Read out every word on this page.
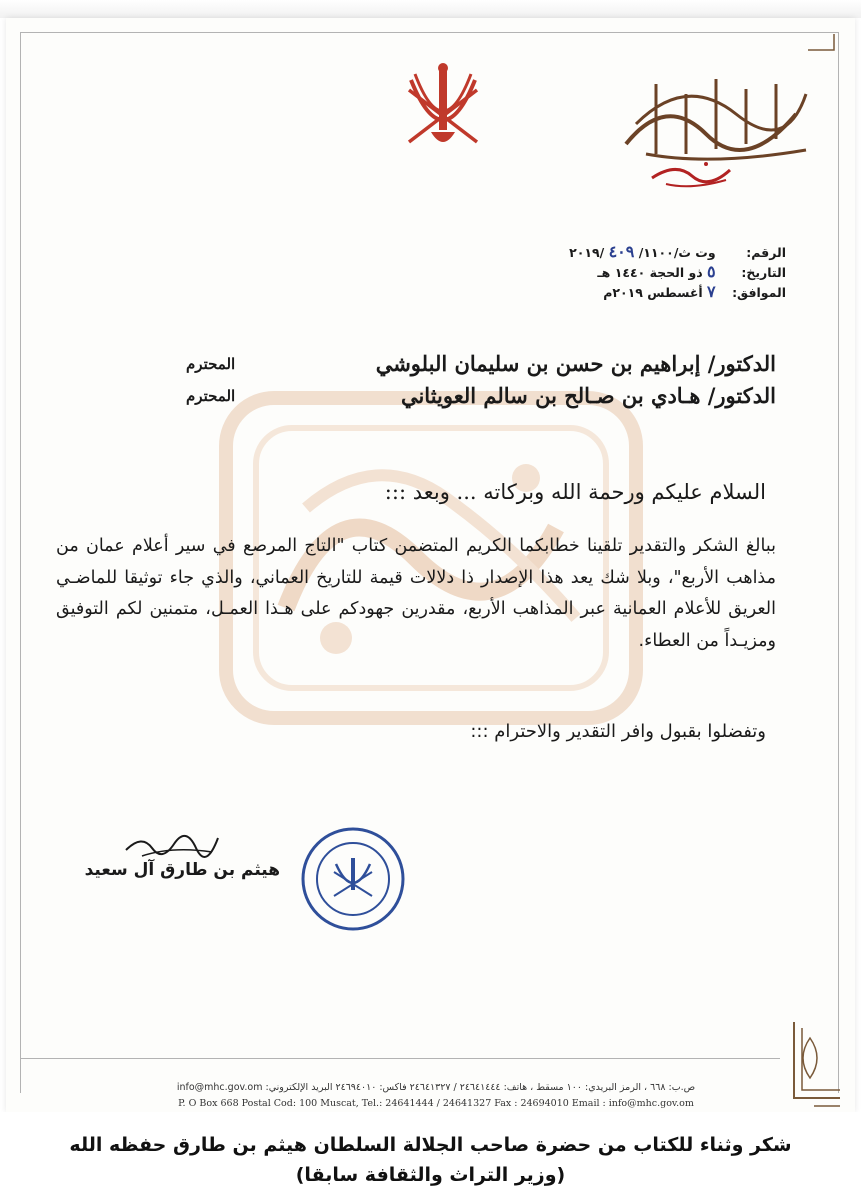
الرقم: وت ث/١١٠٠/ ٤٠٩ /٢٠١٩
التاريخ: ٥ ذو الحجة ١٤٤٠ هـ
الموافق: ٧ أغسطس ٢٠١٩م
الدكتور/ إبراهيم بن حسن بن سليمان البلوشي
المحترم
الدكتور/ هـادي بن صـالح بن سالم العويثاني
المحترم
السلام عليكم ورحمة الله وبركاته ... وبعد :::
ببالغ الشكر والتقدير تلقينا خطابكما الكريم المتضمن كتاب "التاج المرصع في سير أعلام عمان من مذاهب الأربع"، وبلا شك يعد هذا الإصدار ذا دلالات قيمة للتاريخ العماني، والذي جاء توثيقا للماضـي العريق للأعلام العمانية عبر المذاهب الأربع، مقدرين جهودكم على هـذا العمـل، متمنين لكم التوفيق ومزيـداً من العطاء.
وتفضلوا بقبول وافر التقدير والاحترام :::
هيثم بن طارق آل سعيد
ص.ب: ٦٦٨ ، الرمز البريدي: ١٠٠ مسقط ، هاتف: ٢٤٦٤١٤٤٤ / ٢٤٦٤١٣٢٧ فاكس: ٢٤٦٩٤٠١٠ البريد الإلكتروني: info@mhc.gov.om
P. O Box 668 Postal Cod: 100 Muscat, Tel.: 24641444 / 24641327 Fax : 24694010 Email : info@mhc.gov.om
شكر وثناء للكتاب من حضرة صاحب الجلالة السلطان هيثم بن طارق حفظه الله
(وزير التراث والثقافة سابقا)
